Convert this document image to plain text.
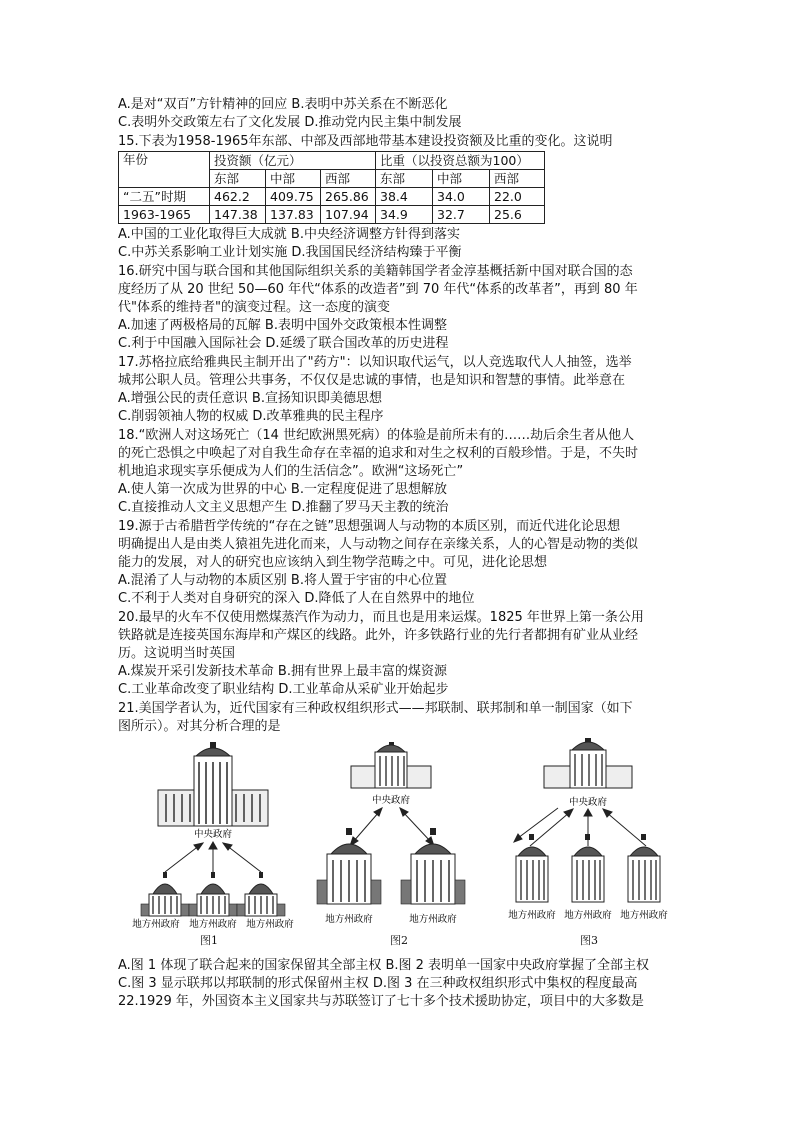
A.是对“双百”方针精神的回应 B.表明中苏关系在不断恶化
C.表明外交政策左右了文化发展 D.推动党内民主集中制发展
15.下表为1958-1965年东部、中部及西部地带基本建设投资额及比重的变化。这说明
年份	投资额（亿元）			比重（以投资总额为100）		
	东部	中部	西部	东部	中部	西部
“二五”时期	462.2	409.75	265.86	38.4	34.0	22.0
1963-1965	147.38	137.83	107.94	34.9	32.7	25.6
A.中国的工业化取得巨大成就 B.中央经济调整方针得到落实
C.中苏关系影响工业计划实施 D.我国国民经济结构臻于平衡
16.研究中国与联合国和其他国际组织关系的美籍韩国学者金淳基概括新中国对联合国的态
度经历了从 20 世纪 50—60 年代“体系的改造者”到 70 年代“体系的改革者”，再到 80 年
代"体系的维持者"的演变过程。这一态度的演变
A.加速了两极格局的瓦解 B.表明中国外交政策根本性调整
C.利于中国融入国际社会 D.延缓了联合国改革的历史进程
17.苏格拉底给雅典民主制开出了"药方"：以知识取代运气，以人竞选取代人人抽签，选举
城邦公职人员。管理公共事务，不仅仅是忠诚的事情，也是知识和智慧的事情。此举意在
A.增强公民的责任意识 B.宣扬知识即美德思想
C.削弱领袖人物的权威 D.改革雅典的民主程序
18.“欧洲人对这场死亡（14 世纪欧洲黑死病）的体验是前所未有的……劫后余生者从他人
的死亡恐惧之中唤起了对自我生命存在幸福的追求和对生之权利的百般珍惜。于是，不失时
机地追求现实享乐便成为人们的生活信念”。欧洲“这场死亡”
A.使人第一次成为世界的中心 B.一定程度促进了思想解放
C.直接推动人文主义思想产生 D.推翻了罗马天主教的统治
19.源于古希腊哲学传统的“存在之链”思想强调人与动物的本质区别，而近代进化论思想
明确提出人是由类人猿祖先进化而来，人与动物之间存在亲缘关系，人的心智是动物的类似
能力的发展，对人的研究也应该纳入到生物学范畴之中。可见，进化论思想
A.混淆了人与动物的本质区别 B.将人置于宇宙的中心位置
C.不利于人类对自身研究的深入 D.降低了人在自然界中的地位
20.最早的火车不仅使用燃煤蒸汽作为动力，而且也是用来运煤。1825 年世界上第一条公用
铁路就是连接英国东海岸和产煤区的线路。此外，许多铁路行业的先行者都拥有矿业从业经
历。这说明当时英国
A.煤炭开采引发新技术革命 B.拥有世界上最丰富的煤资源
C.工业革命改变了职业结构 D.工业革命从采矿业开始起步
21.美国学者认为，近代国家有三种政权组织形式——邦联制、联邦制和单一制国家（如下
图所示）。对其分析合理的是
中央政府
地方州政府 地方州政府 地方州政府
图1
中央政府
地方州政府	地方州政府
图2
中央政府
地方州政府 地方州政府 地方州政府
图3
A.图 1 体现了联合起来的国家保留其全部主权 B.图 2 表明单一国家中央政府掌握了全部主权
C.图 3 显示联邦以邦联制的形式保留州主权 D.图 3 在三种政权组织形式中集权的程度最高
22.1929 年，外国资本主义国家共与苏联签订了七十多个技术援助协定，项目中的大多数是
